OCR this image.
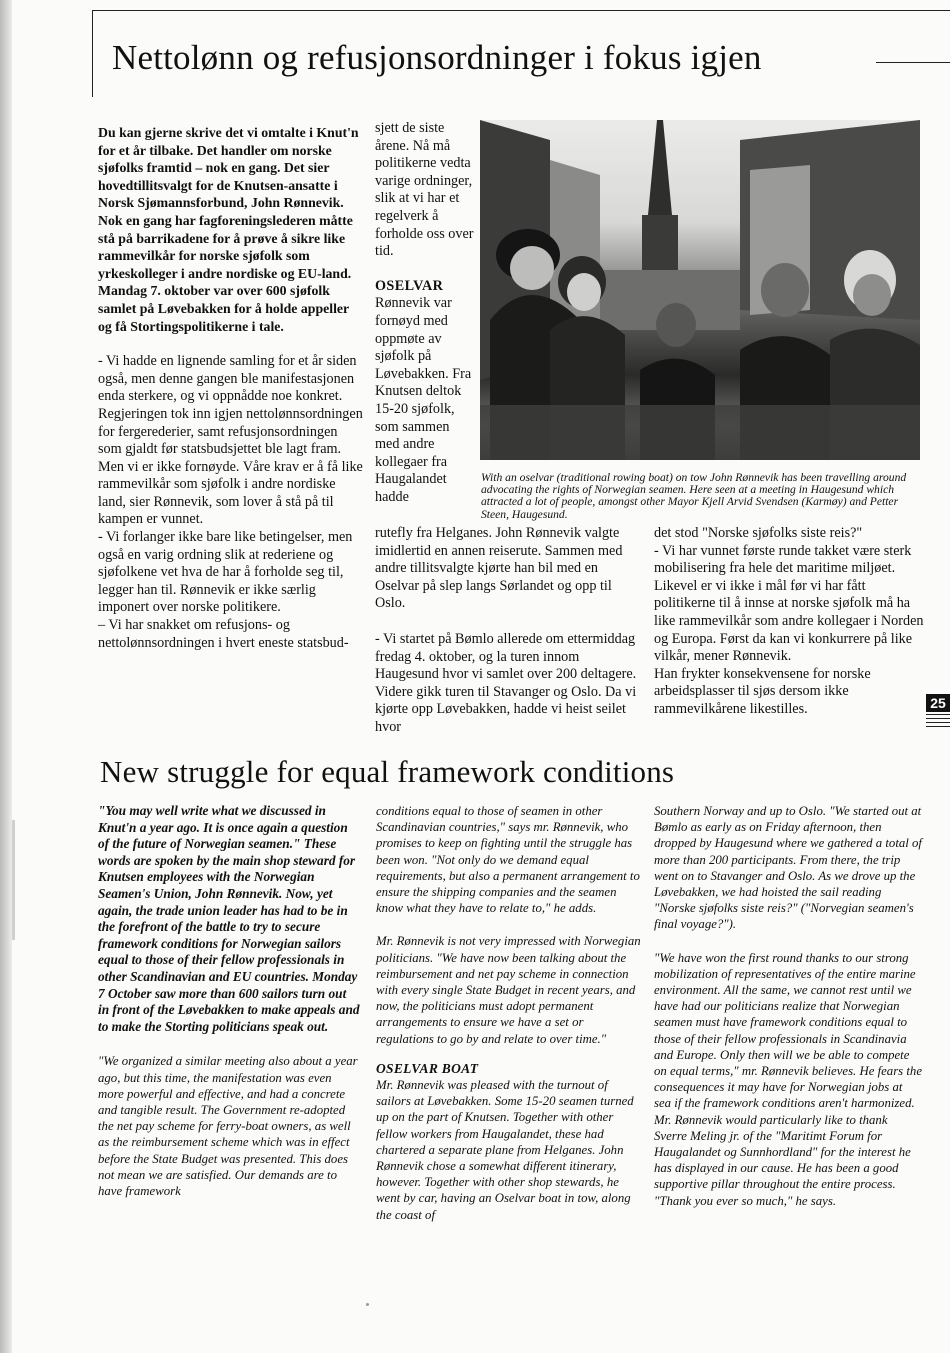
Nettolønn og refusjonsordninger i fokus igjen

Du kan gjerne skrive det vi omtalte i Knut'n for et år tilbake. Det handler om norske sjøfolks framtid – nok en gang. Det sier hovedtillitsvalgt for de Knutsen-ansatte i Norsk Sjømannsforbund, John Rønnevik. Nok en gang har fagforeningslederen måtte stå på barrikadene for å prøve å sikre like rammevilkår for norske sjøfolk som yrkeskolleger i andre nordiske og EU-land. Mandag 7. oktober var over 600 sjøfolk samlet på Løvebakken for å holde appeller og få Stortingspolitikerne i tale.

- Vi hadde en lignende samling for et år siden også, men denne gangen ble manifestasjonen enda sterkere, og vi oppnådde noe konkret. Regjeringen tok inn igjen nettolønnsordningen for fergerederier, samt refusjonsordningen som gjaldt før statsbudsjettet ble lagt fram. Men vi er ikke fornøyde. Våre krav er å få like rammevilkår som sjøfolk i andre nordiske land, sier Rønnevik, som lover å stå på til kampen er vunnet.

- Vi forlanger ikke bare like betingelser, men også en varig ordning slik at rederiene og sjøfolkene vet hva de har å forholde seg til, legger han til. Rønnevik er ikke særlig imponert over norske politikere.

– Vi har snakket om refusjons- og nettolønnsordningen i hvert eneste statsbud-

sjett de siste årene. Nå må politikerne vedta varige ordninger, slik at vi har et regelverk å forholde oss over tid.

OSELVAR

Rønnevik var fornøyd med oppmøte av sjøfolk på Løvebakken. Fra Knutsen deltok 15-20 sjøfolk, som sammen med andre kollegaer fra Haugalandet hadde

rutefly fra Helganes. John Rønnevik valgte imidlertid en annen reiserute. Sammen med andre tillitsvalgte kjørte han bil med en Oselvar på slep langs Sørlandet og opp til Oslo.

- Vi startet på Bømlo allerede om ettermiddag fredag 4. oktober, og la turen innom Haugesund hvor vi samlet over 200 deltagere. Videre gikk turen til Stavanger og Oslo. Da vi kjørte opp Løvebakken, hadde vi heist seilet hvor

With an oselvar (traditional rowing boat) on tow John Rønnevik has been travelling around advocating the rights of Norwegian seamen. Here seen at a meeting in Haugesund which attracted a lot of people, amongst other Mayor Kjell Arvid Svendsen (Karmøy) and Petter Steen, Haugesund.

det stod "Norske sjøfolks siste reis?"

- Vi har vunnet første runde takket være sterk mobilisering fra hele det maritime miljøet. Likevel er vi ikke i mål før vi har fått politikerne til å innse at norske sjøfolk må ha like rammevilkår som andre kollegaer i Norden og Europa. Først da kan vi konkurrere på like vilkår, mener Rønnevik.

Han frykter konsekvensene for norske arbeidsplasser til sjøs dersom ikke rammevilkårene likestilles.	25
New struggle for equal framework conditions

"You may well write what we discussed in Knut'n a year ago. It is once again a question of the future of Norwegian seamen." These words are spoken by the main shop steward for Knutsen employees with the Norwegian Seamen's Union, John Rønnevik. Now, yet again, the trade union leader has had to be in the forefront of the battle to try to secure framework conditions for Norwegian sailors equal to those of their fellow professionals in other Scandinavian and EU countries. Monday 7 October saw more than 600 sailors turn out in front of the Løvebakken to make appeals and to make the Storting politicians speak out.

"We organized a similar meeting also about a year ago, but this time, the manifestation was even more powerful and effective, and had a concrete and tangible result. The Government re-adopted the net pay scheme for ferry-boat owners, as well as the reimbursement scheme which was in effect before the State Budget was presented. This does not mean we are satisfied. Our demands are to have framework

conditions equal to those of seamen in other Scandinavian countries," says mr. Rønnevik, who promises to keep on fighting until the struggle has been won. "Not only do we demand equal requirements, but also a permanent arrangement to ensure the shipping companies and the seamen know what they have to relate to," he adds.

Mr. Rønnevik is not very impressed with Norwegian politicians. "We have now been talking about the reimbursement and net pay scheme in connection with every single State Budget in recent years, and now, the politicians must adopt permanent arrangements to ensure we have a set or regulations to go by and relate to over time."

OSELVAR BOAT

Mr. Rønnevik was pleased with the turnout of sailors at Løvebakken. Some 15-20 seamen turned up on the part of Knutsen. Together with other fellow workers from Haugalandet, these had chartered a separate plane from Helganes. John Rønnevik chose a somewhat different itinerary, however. Together with other shop stewards, he went by car, having an Oselvar boat in tow, along the coast of

Southern Norway and up to Oslo. "We started out at Bømlo as early as on Friday afternoon, then dropped by Haugesund where we gathered a total of more than 200 participants. From there, the trip went on to Stavanger and Oslo. As we drove up the Løvebakken, we had hoisted the sail reading "Norske sjøfolks siste reis?" ("Norvegian seamen's final voyage?").

"We have won the first round thanks to our strong mobilization of representatives of the entire marine environment. All the same, we cannot rest until we have had our politicians realize that Norwegian seamen must have framework conditions equal to those of their fellow professionals in Scandinavia and Europe. Only then will we be able to compete on equal terms," mr. Rønnevik believes. He fears the consequences it may have for Norwegian jobs at sea if the framework conditions aren't harmonized. Mr. Rønnevik would particularly like to thank Sverre Meling jr. of the "Maritimt Forum for Haugalandet og Sunnhordland" for the interest he has displayed in our cause. He has been a good supportive pillar throughout the entire process. "Thank you ever so much," he says.
